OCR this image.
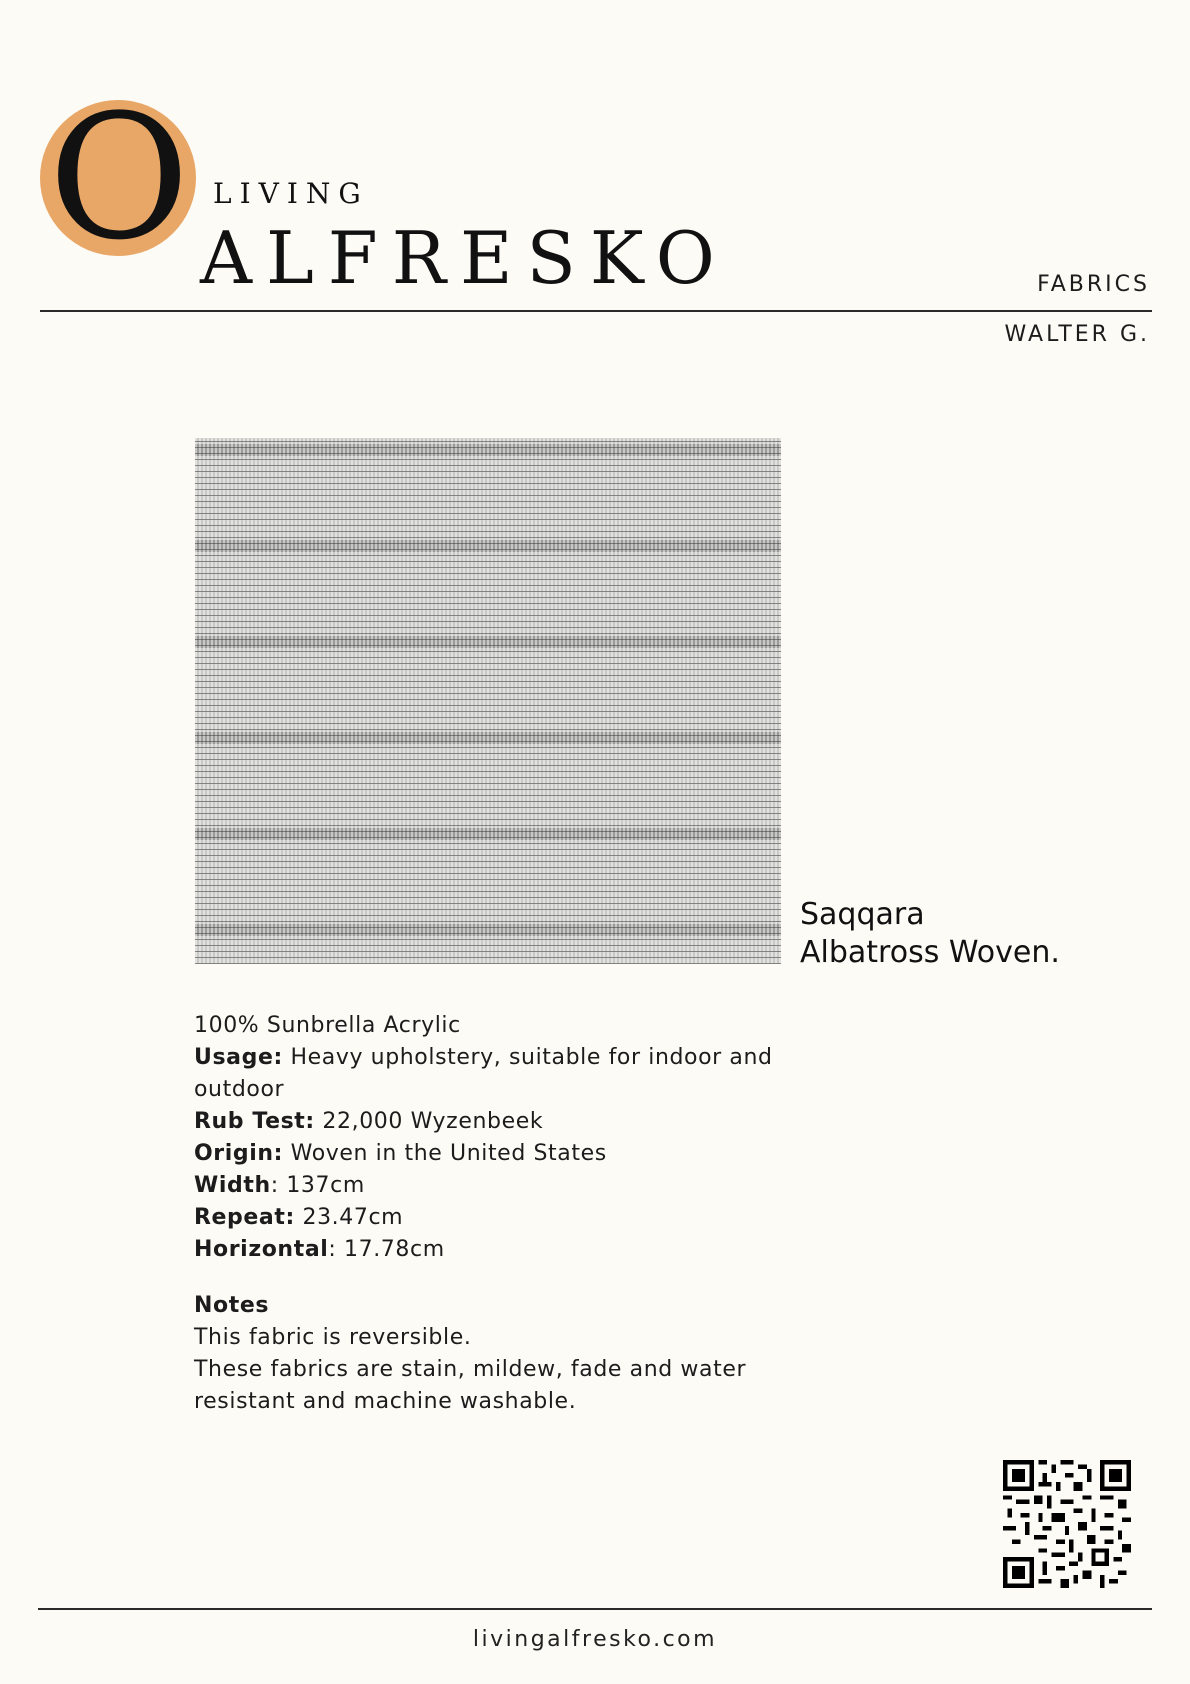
O LIVING
ALFRESKO	FABRICS
WALTER G.
Saqqara
Albatross Woven.
100% Sunbrella Acrylic
Usage: Heavy upholstery, suitable for indoor and outdoor
Rub Test: 22,000 Wyzenbeek
Origin: Woven in the United States
Width: 137cm
Repeat: 23.47cm
Horizontal: 17.78cm
Notes
This fabric is reversible.
These fabrics are stain, mildew, fade and water resistant and machine washable.
livingalfresko.com
